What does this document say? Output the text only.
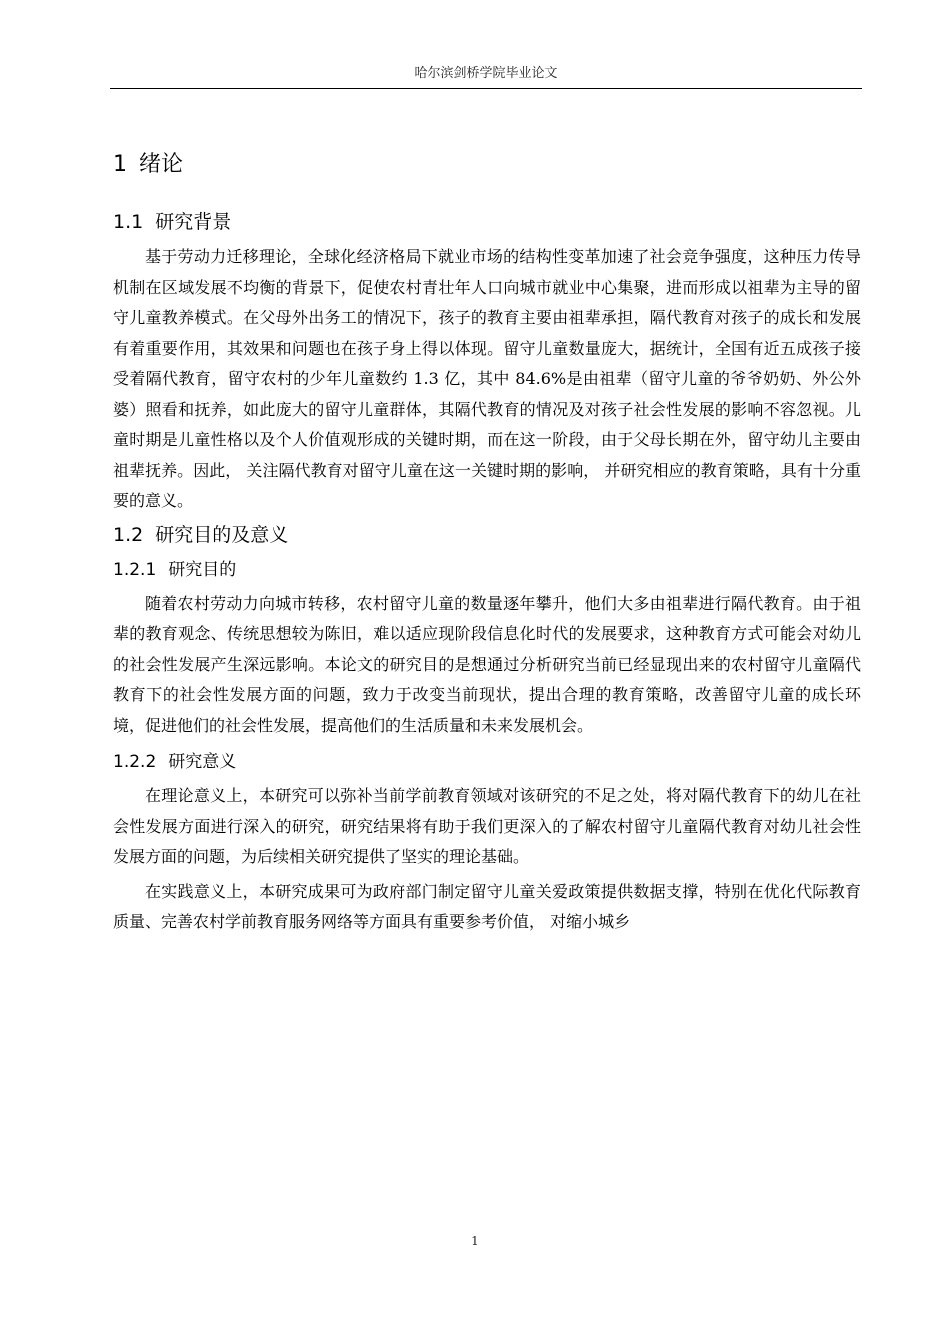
哈尔滨剑桥学院毕业论文
1 绪论
1.1 研究背景

基于劳动力迁移理论，全球化经济格局下就业市场的结构性变革加速了社会竞争强度，这种压力传导机制在区域发展不均衡的背景下，促使农村青壮年人口向城市就业中心集聚，进而形成以祖辈为主导的留守儿童教养模式。在父母外出务工的情况下，孩子的教育主要由祖辈承担，隔代教育对孩子的成长和发展有着重要作用，其效果和问题也在孩子身上得以体现。留守儿童数量庞大，据统计，全国有近五成孩子接受着隔代教育，留守农村的少年儿童数约 1.3 亿，其中 84.6%是由祖辈（留守儿童的爷爷奶奶、外公外婆）照看和抚养，如此庞大的留守儿童群体，其隔代教育的情况及对孩子社会性发展的影响不容忽视。儿童时期是儿童性格以及个人价值观形成的关键时期，而在这一阶段，由于父母长期在外，留守幼儿主要由祖辈抚养。因此， 关注隔代教育对留守儿童在这一关键时期的影响， 并研究相应的教育策略，具有十分重要的意义。

1.2 研究目的及意义
1.2.1 研究目的

随着农村劳动力向城市转移，农村留守儿童的数量逐年攀升，他们大多由祖辈进行隔代教育。由于祖辈的教育观念、传统思想较为陈旧，难以适应现阶段信息化时代的发展要求，这种教育方式可能会对幼儿的社会性发展产生深远影响。本论文的研究目的是想通过分析研究当前已经显现出来的农村留守儿童隔代教育下的社会性发展方面的问题，致力于改变当前现状，提出合理的教育策略，改善留守儿童的成长环境，促进他们的社会性发展，提高他们的生活质量和未来发展机会。

1.2.2 研究意义

在理论意义上，本研究可以弥补当前学前教育领域对该研究的不足之处，将对隔代教育下的幼儿在社会性发展方面进行深入的研究，研究结果将有助于我们更深入的了解农村留守儿童隔代教育对幼儿社会性发展方面的问题，为后续相关研究提供了坚实的理论基础。

在实践意义上，本研究成果可为政府部门制定留守儿童关爱政策提供数据支撑，特别在优化代际教育质量、完善农村学前教育服务网络等方面具有重要参考价值， 对缩小城乡

1
